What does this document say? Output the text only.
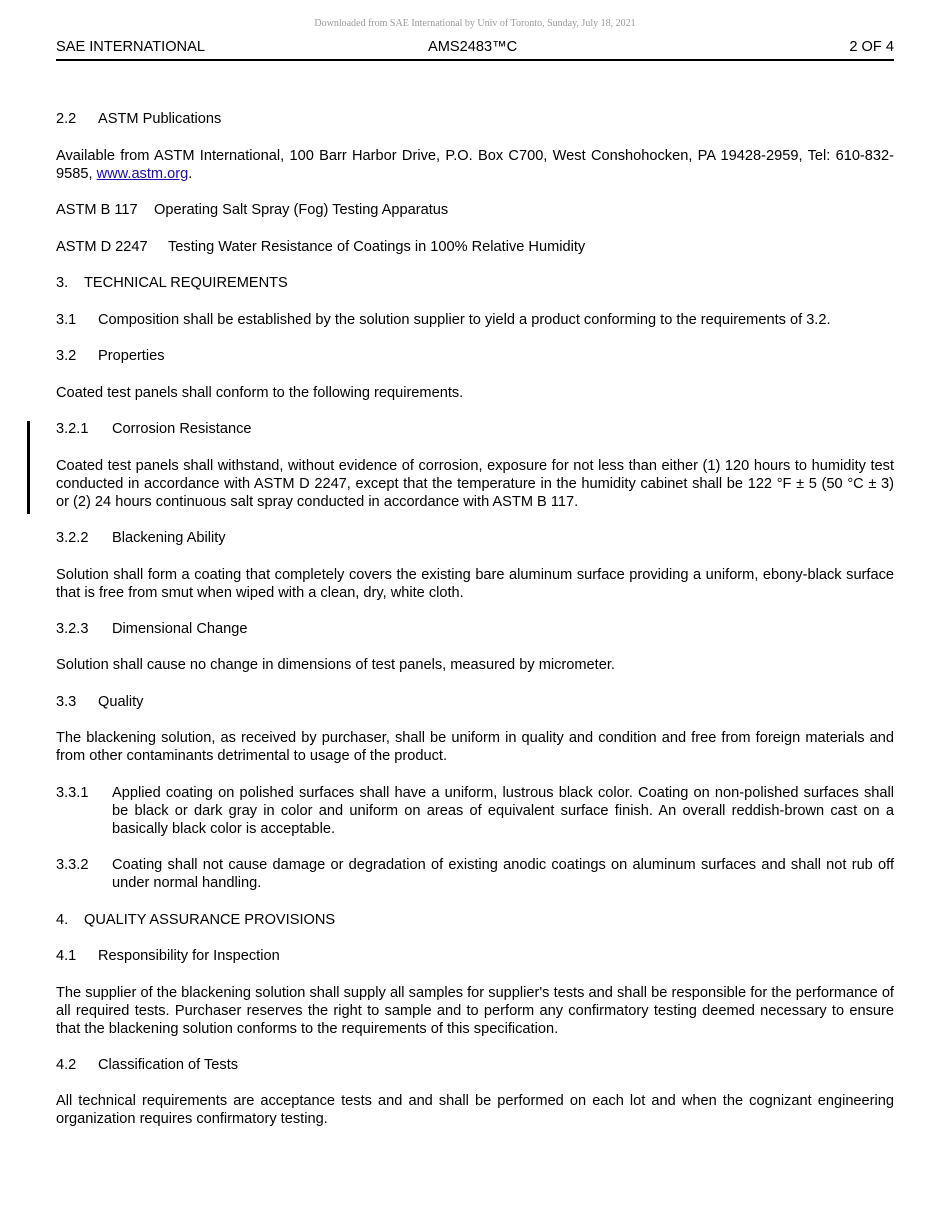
Downloaded from SAE International by Univ of Toronto, Sunday, July 18, 2021
SAE INTERNATIONAL	AMS2483™C	2 OF 4
2.2 ASTM Publications
Available from ASTM International, 100 Barr Harbor Drive, P.O. Box C700, West Conshohocken, PA 19428-2959, Tel: 610-832-9585, www.astm.org.
ASTM B 117 Operating Salt Spray (Fog) Testing Apparatus
ASTM D 2247 Testing Water Resistance of Coatings in 100% Relative Humidity
3. TECHNICAL REQUIREMENTS
3.1 Composition shall be established by the solution supplier to yield a product conforming to the requirements of 3.2.
3.2 Properties
Coated test panels shall conform to the following requirements.
3.2.1 Corrosion Resistance
Coated test panels shall withstand, without evidence of corrosion, exposure for not less than either (1) 120 hours to humidity test conducted in accordance with ASTM D 2247, except that the temperature in the humidity cabinet shall be 122 °F ± 5 (50 °C ± 3) or (2) 24 hours continuous salt spray conducted in accordance with ASTM B 117.
3.2.2 Blackening Ability
Solution shall form a coating that completely covers the existing bare aluminum surface providing a uniform, ebony-black surface that is free from smut when wiped with a clean, dry, white cloth.
3.2.3 Dimensional Change
Solution shall cause no change in dimensions of test panels, measured by micrometer.
3.3 Quality
The blackening solution, as received by purchaser, shall be uniform in quality and condition and free from foreign materials and from other contaminants detrimental to usage of the product.
3.3.1 Applied coating on polished surfaces shall have a uniform, lustrous black color. Coating on non-polished surfaces shall be black or dark gray in color and uniform on areas of equivalent surface finish. An overall reddish-brown cast on a basically black color is acceptable.
3.3.2 Coating shall not cause damage or degradation of existing anodic coatings on aluminum surfaces and shall not rub off under normal handling.
4. QUALITY ASSURANCE PROVISIONS
4.1 Responsibility for Inspection
The supplier of the blackening solution shall supply all samples for supplier's tests and shall be responsible for the performance of all required tests. Purchaser reserves the right to sample and to perform any confirmatory testing deemed necessary to ensure that the blackening solution conforms to the requirements of this specification.
4.2 Classification of Tests
All technical requirements are acceptance tests and and shall be performed on each lot and when the cognizant engineering organization requires confirmatory testing.
